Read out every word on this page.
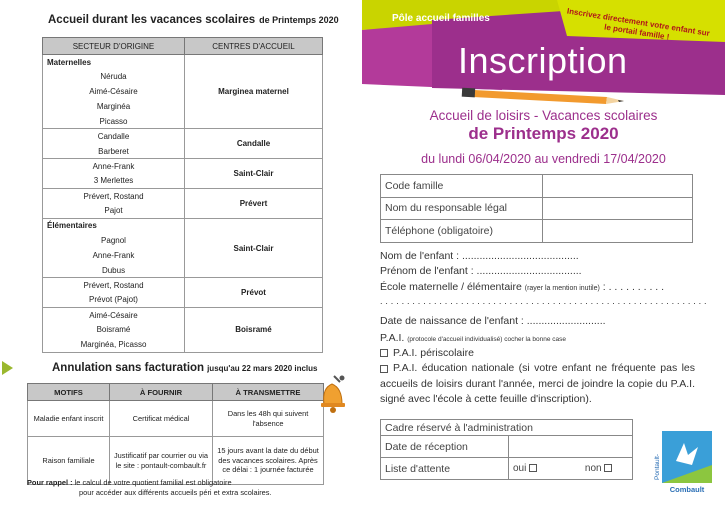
Accueil durant les vacances scolaires de Printemps 2020
SECTEUR D'ORIGINE	CENTRES D'ACCUEIL
Maternelles	Marginea maternel
Néruda	
Aimé-Césaire	
Marginéa	
Picasso	
Candalle	Candalle
Barberet	
Anne-Frank	Saint-Clair
3 Merlettes	
Prévert, Rostand	Prévert
Pajot	
Élémentaires	Saint-Clair
Pagnol	
Anne-Frank	
Dubus	
Prévert, Rostand	Prévot
Prévot (Pajot)	
Aimé-Césaire	Boisramé
Boisramé	
Marginéa, Picasso	
Annulation sans facturation jusqu'au 22 mars 2020 inclus
MOTIFS	À FOURNIR	À TRANSMETTRE
Maladie enfant inscrit	Certificat médical	Dans les 48h qui suivent l'absence
Raison familiale	Justificatif par courrier ou via le site : pontault-combault.fr	15 jours avant la date du début des vacances scolaires. Après ce délai : 1 journée facturée
Pour rappel : le calcul de votre quotient familial est obligatoire
pour accéder aux différents accueils péri et extra scolaires.
Pôle accueil familles	Inscrivez directement votre enfant sur le portail famille !
Inscription
Accueil de loisirs - Vacances scolaires
de Printemps 2020
du lundi 06/04/2020 au vendredi 17/04/2020
Code famille	
Nom du responsable légal	
Téléphone (obligatoire)	
Nom de l'enfant : ........................................
Prénom de l'enfant : ....................................
École maternelle / élémentaire (rayer la mention inutile) : . . . . . . . . . .
. . . . . . . . . . . . . . . . . . . . . . . . . . . . . . . . . . . . . . . . . . . . . . . . . . . . . . . . . . . . .
Date de naissance de l'enfant : ...........................
P.A.I. (protocole d'accueil individualisé) cocher la bonne case
P.A.I. périscolaire
P.A.I. éducation nationale (si votre enfant ne fréquente pas les accueils de loisirs durant l'année, merci de joindre la copie du P.A.I. signé avec l'école à cette feuille d'inscription).
Cadre réservé à l'administration	
Date de réception	
Liste d'attente	oui non
Combault
Pontault-
